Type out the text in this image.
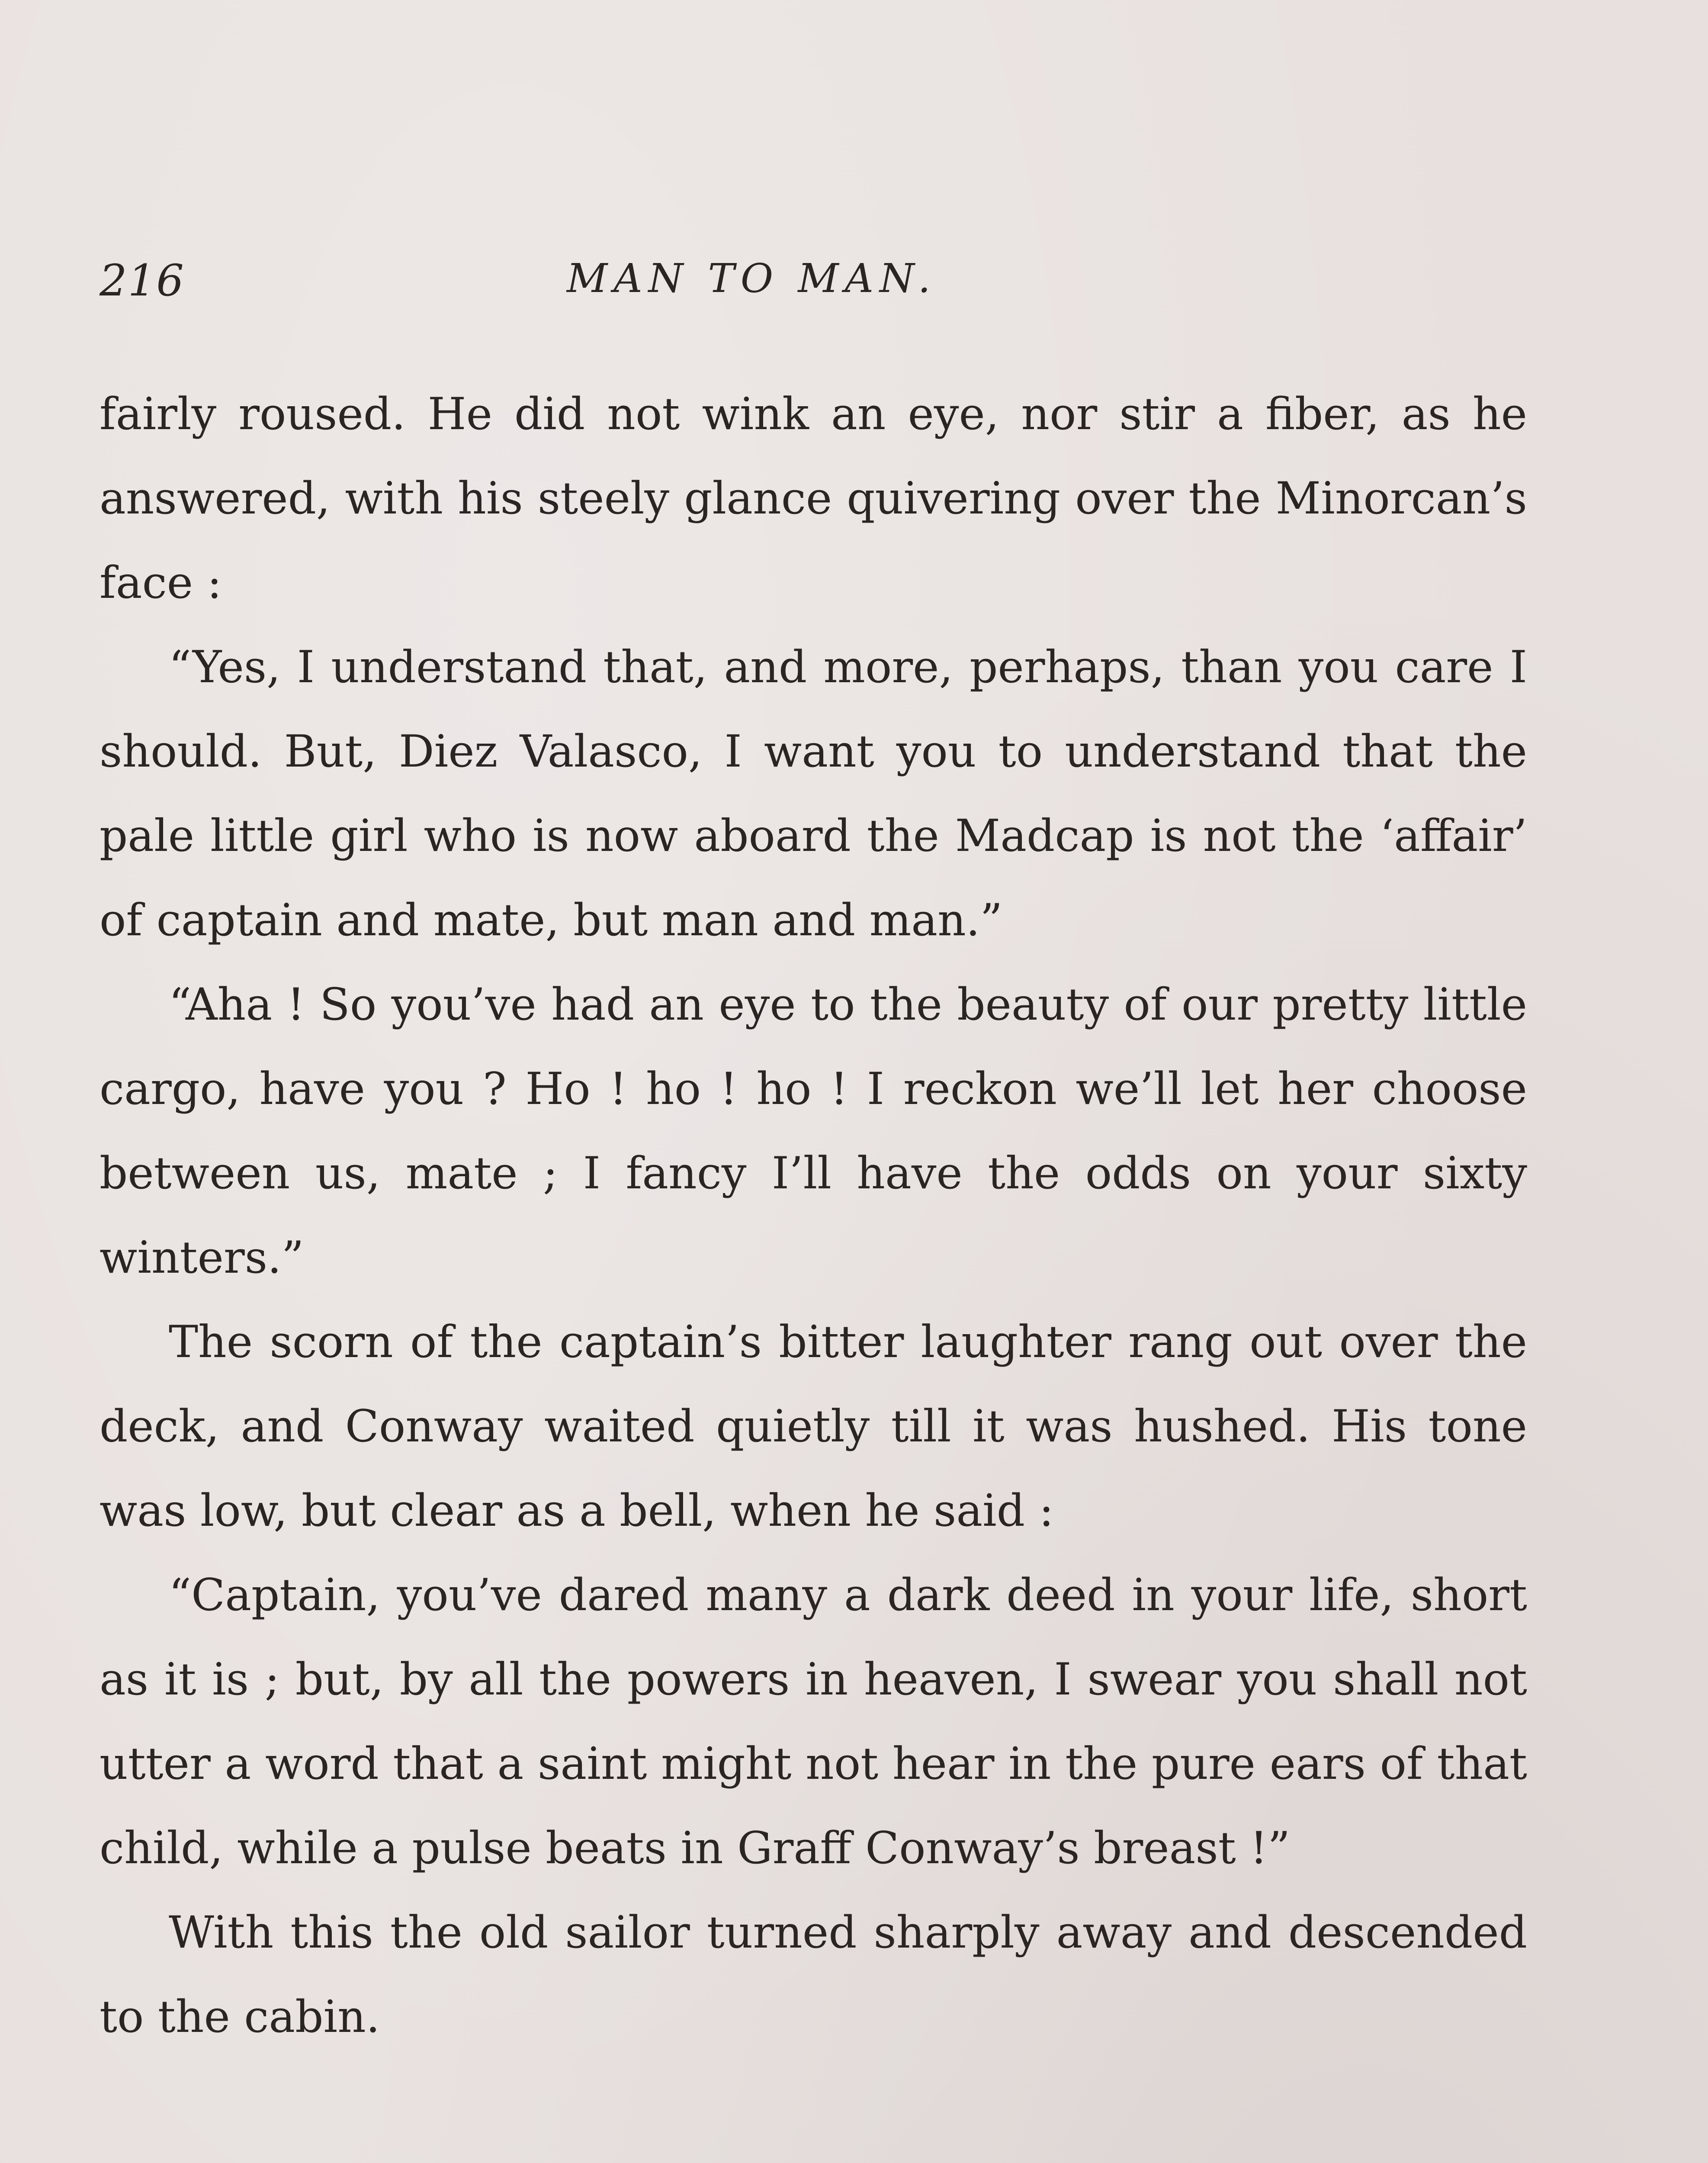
216	MAN TO MAN.

fairly roused. He did not wink an eye, nor stir a fiber, as he answered, with his steely glance quivering over the Minorcan’s face :

“Yes, I understand that, and more, perhaps, than you care I should. But, Diez Valasco, I want you to understand that the pale little girl who is now aboard the Madcap is not the ‘affair’ of captain and mate, but man and man.”

“Aha ! So you’ve had an eye to the beauty of our pretty little cargo, have you ? Ho ! ho ! ho ! I reckon we’ll let her choose between us, mate ; I fancy I’ll have the odds on your sixty winters.”

The scorn of the captain’s bitter laughter rang out over the deck, and Conway waited quietly till it was hushed. His tone was low, but clear as a bell, when he said :

“Captain, you’ve dared many a dark deed in your life, short as it is ; but, by all the powers in heaven, I swear you shall not utter a word that a saint might not hear in the pure ears of that child, while a pulse beats in Graff Conway’s breast !”

With this the old sailor turned sharply away and descended to the cabin.
